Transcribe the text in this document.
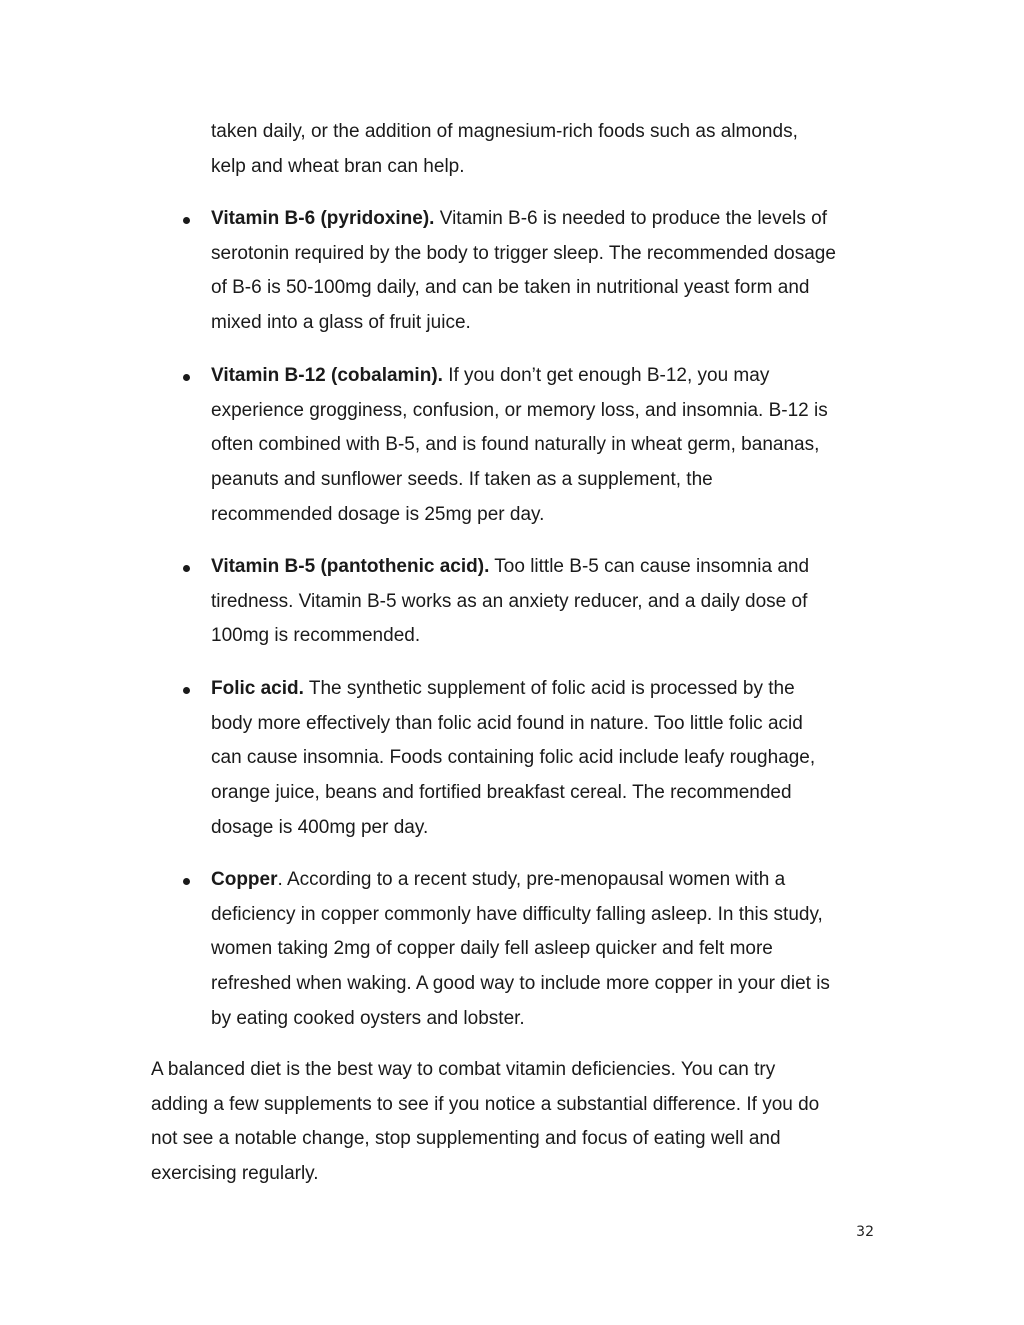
taken daily, or the addition of magnesium-rich foods such as almonds,
kelp and wheat bran can help.

Vitamin B-6 (pyridoxine). Vitamin B-6 is needed to produce the levels of
serotonin required by the body to trigger sleep. The recommended dosage
of B-6 is 50-100mg daily, and can be taken in nutritional yeast form and
mixed into a glass of fruit juice.

Vitamin B-12 (cobalamin). If you don’t get enough B-12, you may
experience grogginess, confusion, or memory loss, and insomnia. B-12 is
often combined with B-5, and is found naturally in wheat germ, bananas,
peanuts and sunflower seeds. If taken as a supplement, the
recommended dosage is 25mg per day.

Vitamin B-5 (pantothenic acid). Too little B-5 can cause insomnia and
tiredness. Vitamin B-5 works as an anxiety reducer, and a daily dose of
100mg is recommended.

Folic acid. The synthetic supplement of folic acid is processed by the
body more effectively than folic acid found in nature. Too little folic acid
can cause insomnia. Foods containing folic acid include leafy roughage,
orange juice, beans and fortified breakfast cereal. The recommended
dosage is 400mg per day.

Copper. According to a recent study, pre-menopausal women with a
deficiency in copper commonly have difficulty falling asleep. In this study,
women taking 2mg of copper daily fell asleep quicker and felt more
refreshed when waking. A good way to include more copper in your diet is
by eating cooked oysters and lobster.

A balanced diet is the best way to combat vitamin deficiencies. You can try
adding a few supplements to see if you notice a substantial difference. If you do
not see a notable change, stop supplementing and focus of eating well and
exercising regularly.

32
